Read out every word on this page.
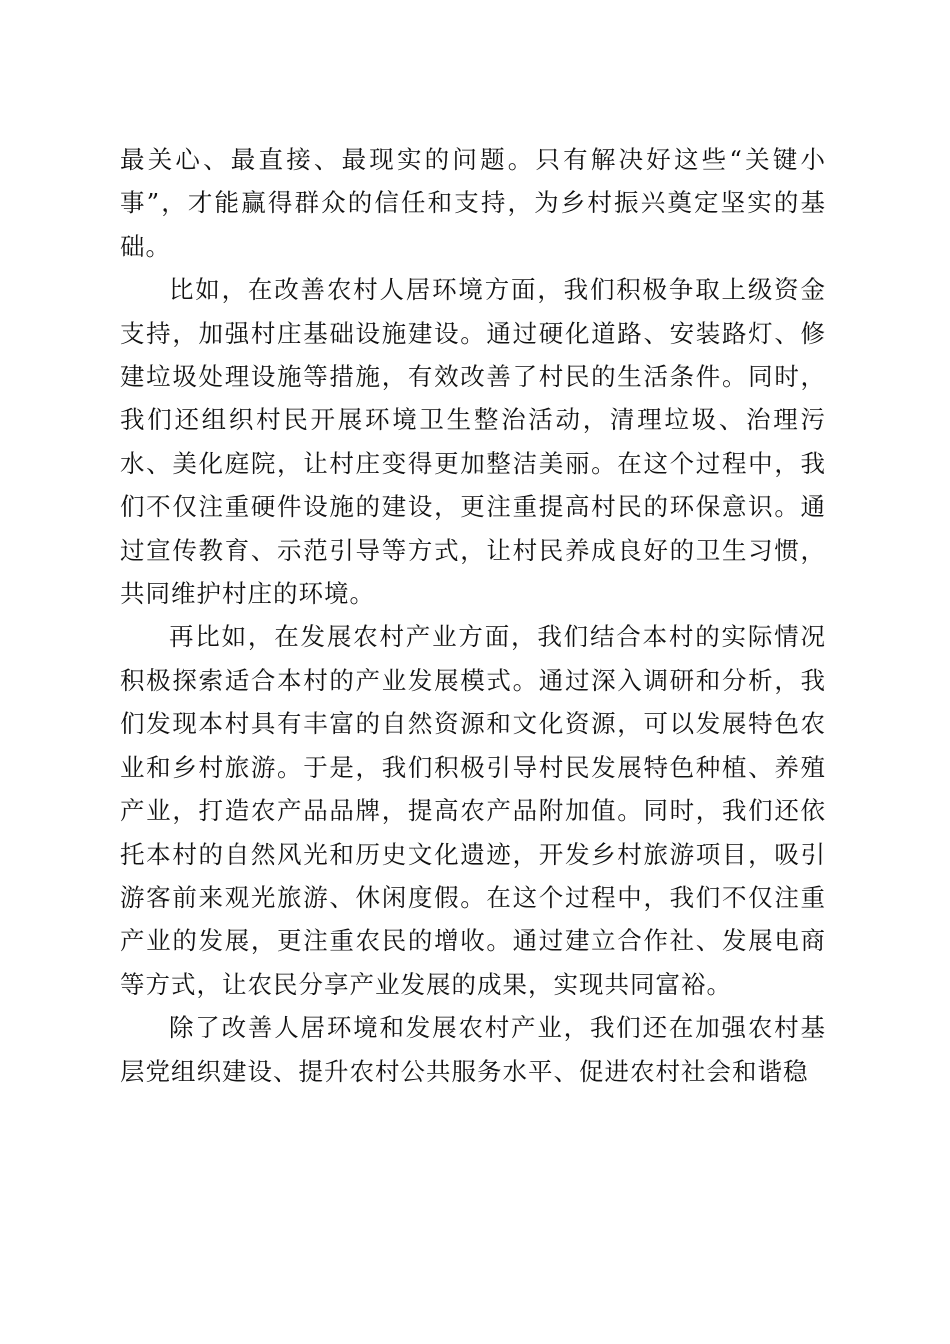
最关心、最直接、最现实的问题。只有解决好这些“关键小事”，才能赢得群众的信任和支持，为乡村振兴奠定坚实的基础。

比如，在改善农村人居环境方面，我们积极争取上级资金支持，加强村庄基础设施建设。通过硬化道路、安装路灯、修建垃圾处理设施等措施，有效改善了村民的生活条件。同时，我们还组织村民开展环境卫生整治活动，清理垃圾、治理污水、美化庭院，让村庄变得更加整洁美丽。在这个过程中，我们不仅注重硬件设施的建设，更注重提高村民的环保意识。通过宣传教育、示范引导等方式，让村民养成良好的卫生习惯，共同维护村庄的环境。

再比如，在发展农村产业方面，我们结合本村的实际情况积极探索适合本村的产业发展模式。通过深入调研和分析，我们发现本村具有丰富的自然资源和文化资源，可以发展特色农业和乡村旅游。于是，我们积极引导村民发展特色种植、养殖产业，打造农产品品牌，提高农产品附加值。同时，我们还依托本村的自然风光和历史文化遗迹，开发乡村旅游项目，吸引游客前来观光旅游、休闲度假。在这个过程中，我们不仅注重产业的发展，更注重农民的增收。通过建立合作社、发展电商等方式，让农民分享产业发展的成果，实现共同富裕。

除了改善人居环境和发展农村产业，我们还在加强农村基层党组织建设、提升农村公共服务水平、促进农村社会和谐稳
